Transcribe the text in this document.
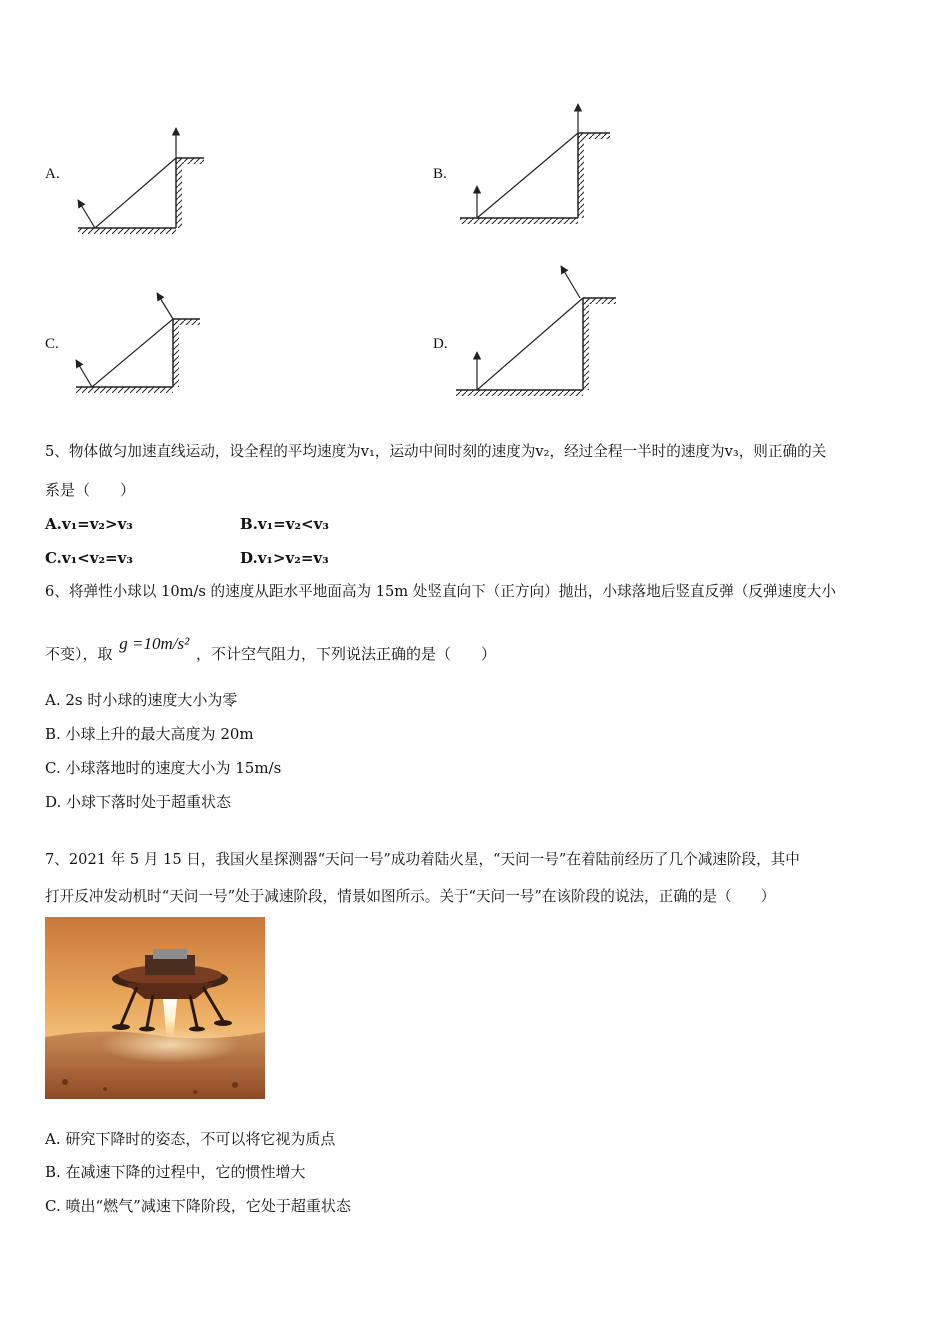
A.	B.
C.	D.
5、物体做匀加速直线运动，设全程的平均速度为v₁，运动中间时刻的速度为v₂，经过全程一半时的速度为v₃，则正确的关
系是（　　）
A.v₁=v₂>v₃	B.v₁=v₂<v₃
C.v₁<v₂=v₃	D.v₁>v₂=v₃
6、将弹性小球以 10m/s 的速度从距水平地面高为 15m 处竖直向下（正方向）抛出，小球落地后竖直反弹（反弹速度大小
不变），取 g =10m/s² ，不计空气阻力，下列说法正确的是（　　）
A. 2s 时小球的速度大小为零
B. 小球上升的最大高度为 20m
C. 小球落地时的速度大小为 15m/s
D. 小球下落时处于超重状态
7、2021 年 5 月 15 日，我国火星探测器“天问一号”成功着陆火星，“天问一号”在着陆前经历了几个减速阶段，其中
打开反冲发动机时“天问一号”处于减速阶段，情景如图所示。关于“天问一号”在该阶段的说法，正确的是（　　）
A. 研究下降时的姿态，不可以将它视为质点
B. 在减速下降的过程中，它的惯性增大
C. 喷出“燃气”减速下降阶段，它处于超重状态
